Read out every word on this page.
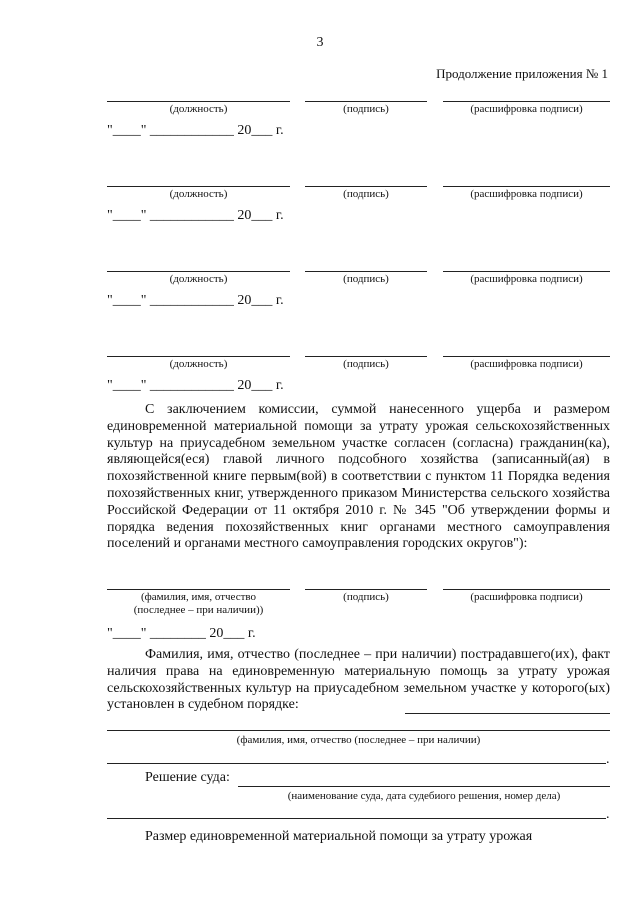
3
Продолжение приложения № 1
(должность)	(подпись)	(расшифровка подписи)
"____" ____________ 20___ г.
(должность)	(подпись)	(расшифровка подписи)
"____" ____________ 20___ г.
(должность)	(подпись)	(расшифровка подписи)
"____" ____________ 20___ г.
(должность)	(подпись)	(расшифровка подписи)
"____" ____________ 20___ г.
С заключением комиссии, суммой нанесенного ущерба и размером единовременной материальной помощи за утрату урожая сельскохозяйственных культур на приусадебном земельном участке согласен (согласна) гражданин(ка), являющейся(еся) главой личного подсобного хозяйства (записанный(ая) в похозяйственной книге первым(вой) в соответствии с пунктом 11 Порядка ведения похозяйственных книг, утвержденного приказом Министерства сельского хозяйства Российской Федерации от 11 октября 2010 г. № 345 "Об утверждении формы и порядка ведения похозяйственных книг органами местного самоуправления поселений и органами местного самоуправления городских округов"):
(фамилия, имя, отчество
(последнее – при наличии))
(подпись)	(расшифровка подписи)
"____" ________ 20___ г.
Фамилия, имя, отчество (последнее – при наличии) пострадавшего(их), факт наличия права на единовременную материальную помощь за утрату урожая сельскохозяйственных культур на приусадебном земельном участке у которого(ых) установлен в судебном порядке:
(фамилия, имя, отчество (последнее – при наличии)
.
Решение суда:
(наименование суда, дата судебиого решения, номер дела)
.
Размер единовременной материальной помощи за утрату урожая
